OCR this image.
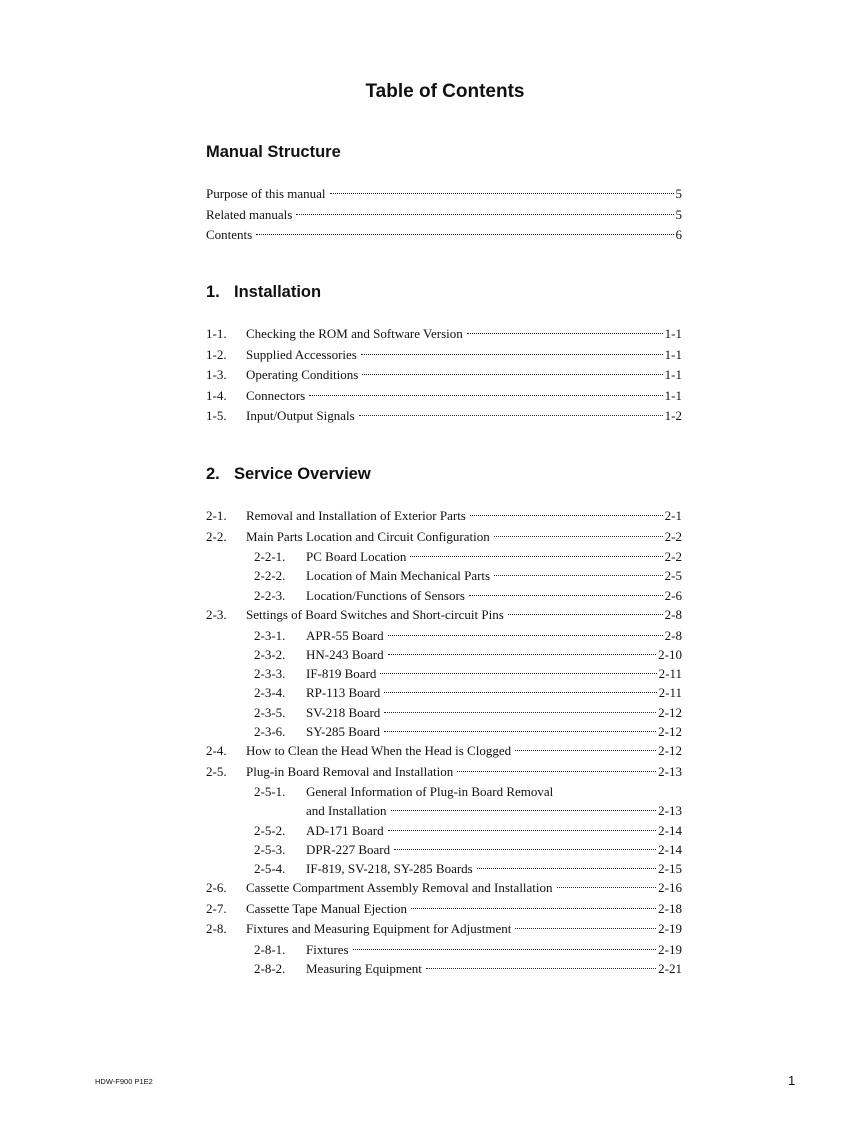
Table of Contents
Manual Structure
Purpose of this manual	5
Related manuals	5
Contents	6
1. Installation
1-1. Checking the ROM and Software Version	1-1
1-2. Supplied Accessories	1-1
1-3. Operating Conditions	1-1
1-4. Connectors	1-1
1-5. Input/Output Signals	1-2
2. Service Overview
2-1. Removal and Installation of Exterior Parts	2-1
2-2. Main Parts Location and Circuit Configuration	2-2
2-2-1. PC Board Location	2-2
2-2-2. Location of Main Mechanical Parts	2-5
2-2-3. Location/Functions of Sensors	2-6
2-3. Settings of Board Switches and Short-circuit Pins	2-8
2-3-1. APR-55 Board	2-8
2-3-2. HN-243 Board	2-10
2-3-3. IF-819 Board	2-11
2-3-4. RP-113 Board	2-11
2-3-5. SV-218 Board	2-12
2-3-6. SY-285 Board	2-12
2-4. How to Clean the Head When the Head is Clogged	2-12
2-5. Plug-in Board Removal and Installation	2-13
2-5-1. General Information of Plug-in Board Removal
and Installation	2-13
2-5-2. AD-171 Board	2-14
2-5-3. DPR-227 Board	2-14
2-5-4. IF-819, SV-218, SY-285 Boards	2-15
2-6. Cassette Compartment Assembly Removal and Installation	2-16
2-7. Cassette Tape Manual Ejection	2-18
2-8. Fixtures and Measuring Equipment for Adjustment	2-19
2-8-1. Fixtures	2-19
2-8-2. Measuring Equipment	2-21
HDW-F900 P1E2	1
